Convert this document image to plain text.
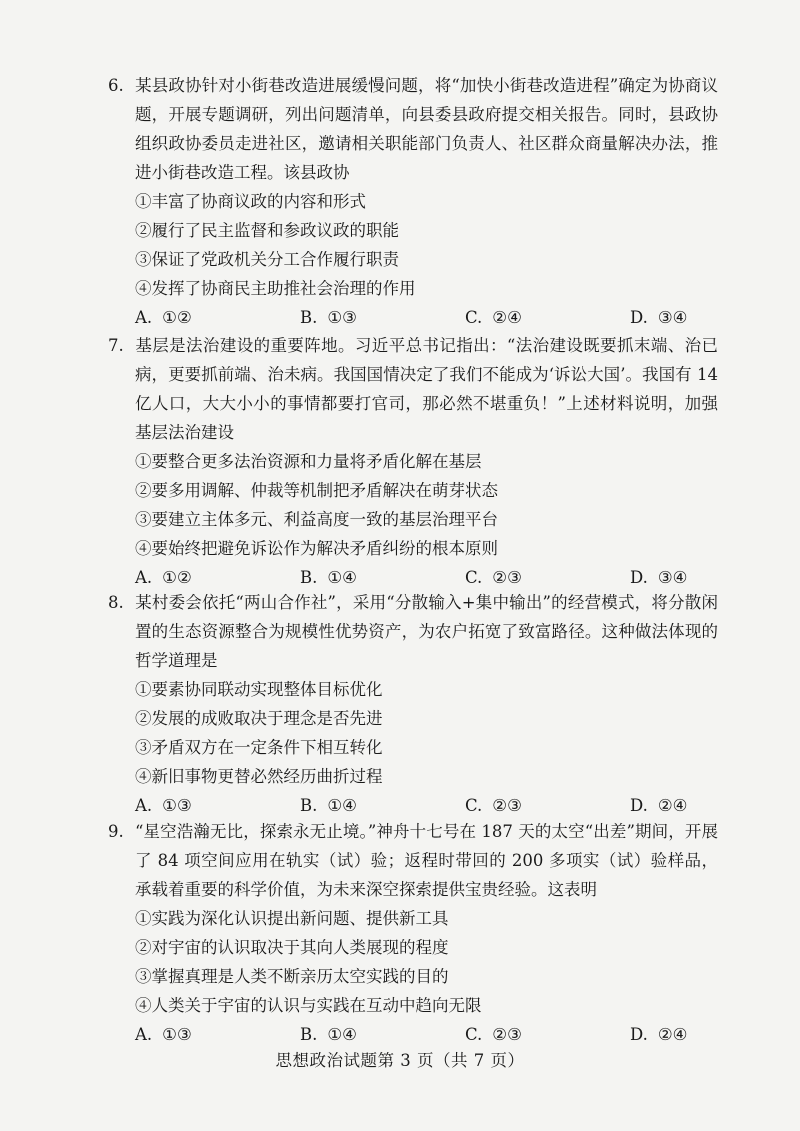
6. 某县政协针对小街巷改造进展缓慢问题，将“加快小街巷改造进程”确定为协商议题，开展专题调研，列出问题清单，向县委县政府提交相关报告。同时，县政协组织政协委员走进社区，邀请相关职能部门负责人、社区群众商量解决办法，推进小街巷改造工程。该县政协
①丰富了协商议政的内容和形式
②履行了民主监督和参政议政的职能
③保证了党政机关分工合作履行职责
④发挥了协商民主助推社会治理的作用
A. ①②	B. ①③	C. ②④	D. ③④
7. 基层是法治建设的重要阵地。习近平总书记指出：“法治建设既要抓末端、治已病，更要抓前端、治未病。我国国情决定了我们不能成为‘诉讼大国’。我国有 14 亿人口，大大小小的事情都要打官司，那必然不堪重负！”上述材料说明，加强基层法治建设
①要整合更多法治资源和力量将矛盾化解在基层
②要多用调解、仲裁等机制把矛盾解决在萌芽状态
③要建立主体多元、利益高度一致的基层治理平台
④要始终把避免诉讼作为解决矛盾纠纷的根本原则
A. ①②	B. ①④	C. ②③	D. ③④
8. 某村委会依托“两山合作社”，采用“分散输入+集中输出”的经营模式，将分散闲置的生态资源整合为规模性优势资产，为农户拓宽了致富路径。这种做法体现的哲学道理是
①要素协同联动实现整体目标优化
②发展的成败取决于理念是否先进
③矛盾双方在一定条件下相互转化
④新旧事物更替必然经历曲折过程
A. ①③	B. ①④	C. ②③	D. ②④
9. “星空浩瀚无比，探索永无止境。”神舟十七号在 187 天的太空“出差”期间，开展了 84 项空间应用在轨实（试）验；返程时带回的 200 多项实（试）验样品，承载着重要的科学价值，为未来深空探索提供宝贵经验。这表明
①实践为深化认识提出新问题、提供新工具
②对宇宙的认识取决于其向人类展现的程度
③掌握真理是人类不断亲历太空实践的目的
④人类关于宇宙的认识与实践在互动中趋向无限
A. ①③	B. ①④	C. ②③	D. ②④
思想政治试题第 3 页（共 7 页）
